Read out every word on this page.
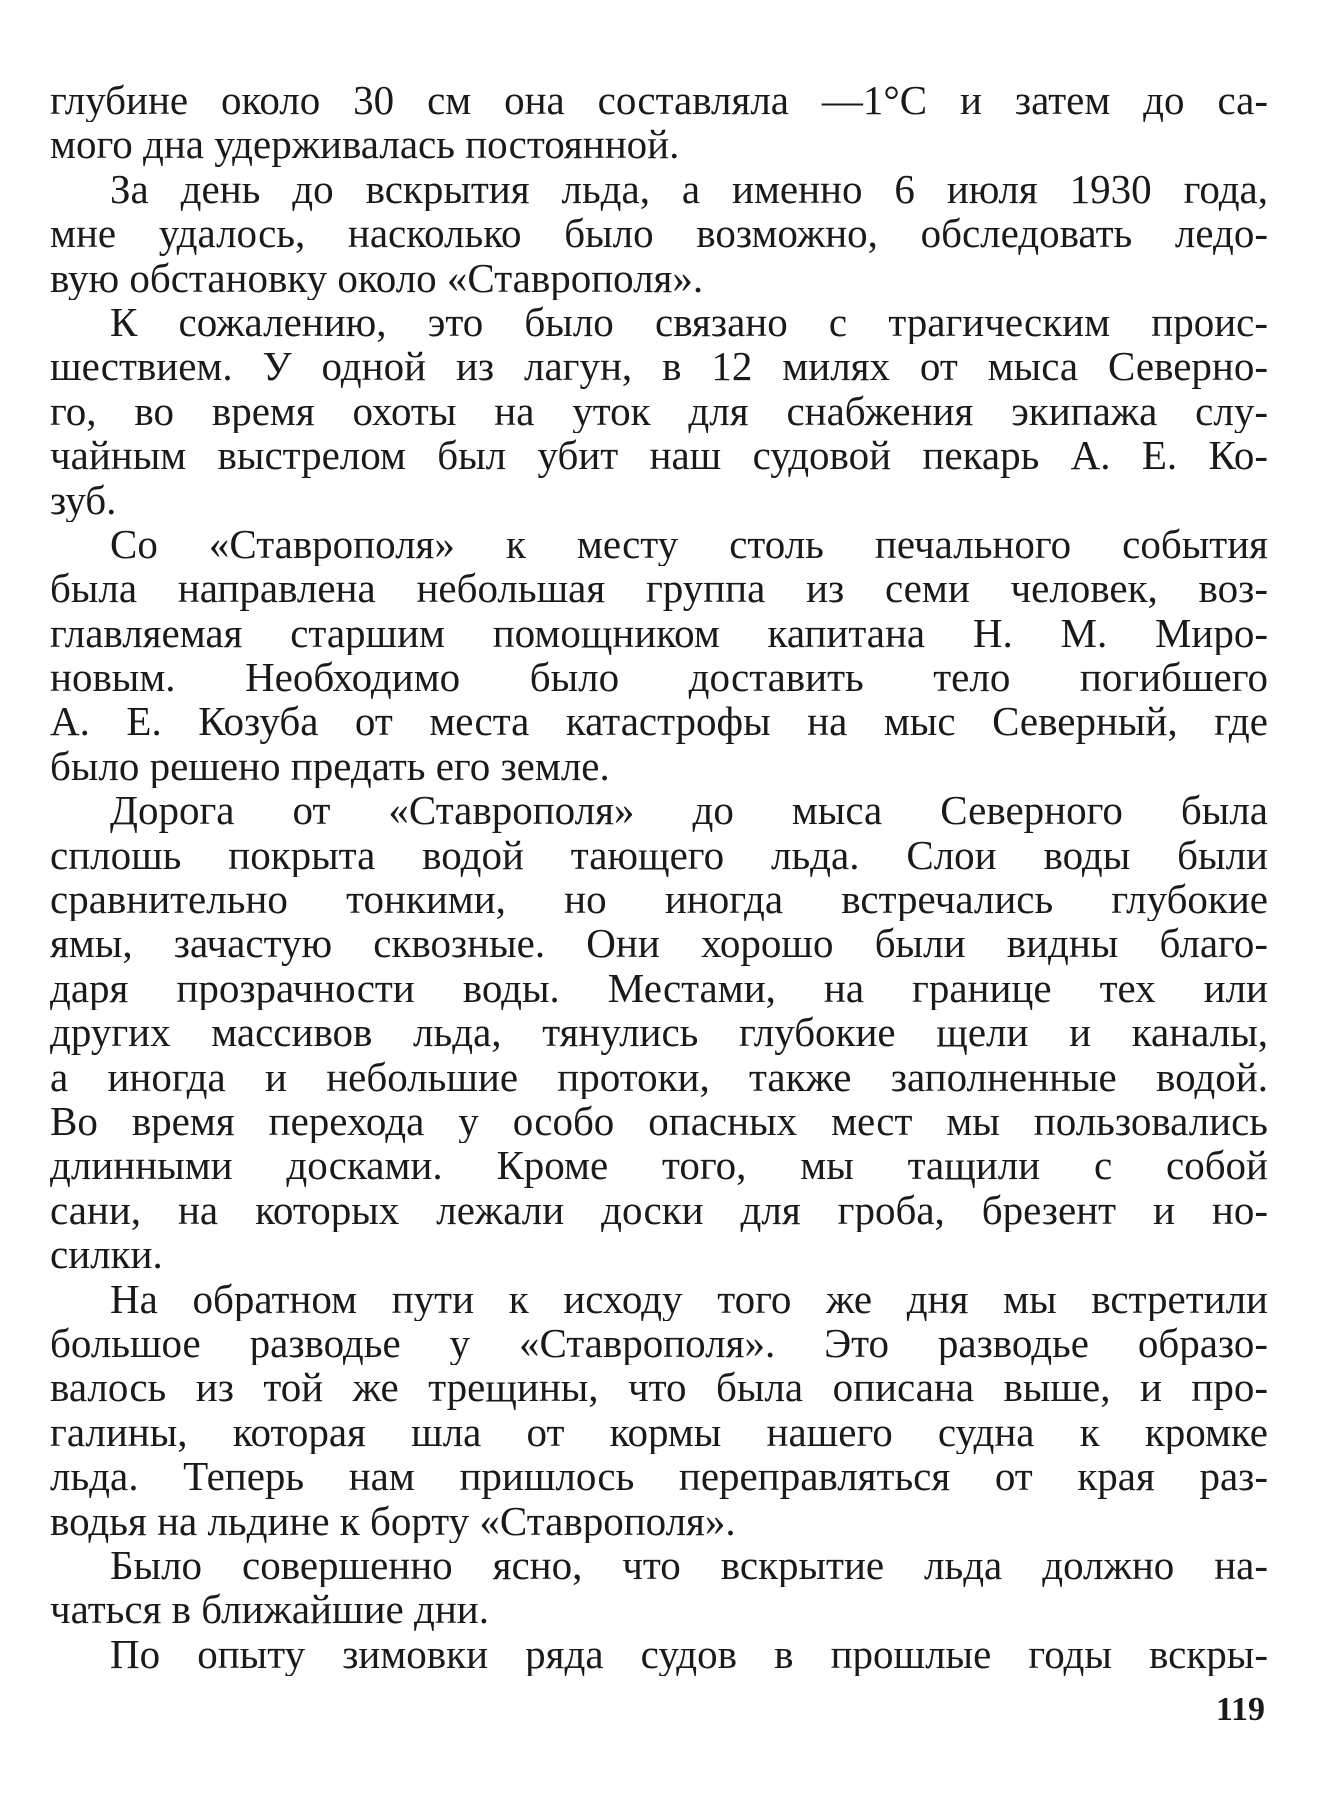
глубине около 30 см она составляла —1°C и затем до са-
мого дна удерживалась постоянной.
За день до вскрытия льда, а именно 6 июля 1930 года,
мне удалось, насколько было возможно, обследовать ледо-
вую обстановку около «Ставрополя».
К сожалению, это было связано с трагическим проис-
шествием. У одной из лагун, в 12 милях от мыса Северно-
го, во время охоты на уток для снабжения экипажа слу-
чайным выстрелом был убит наш судовой пекарь А. Е. Ко-
зуб.
Со «Ставрополя» к месту столь печального события
была направлена небольшая группа из семи человек, воз-
главляемая старшим помощником капитана Н. М. Миро-
новым. Необходимо было доставить тело погибшего
А. Е. Козуба от места катастрофы на мыс Северный, где
было решено предать его земле.
Дорога от «Ставрополя» до мыса Северного была
сплошь покрыта водой тающего льда. Слои воды были
сравнительно тонкими, но иногда встречались глубокие
ямы, зачастую сквозные. Они хорошо были видны благо-
даря прозрачности воды. Местами, на границе тех или
других массивов льда, тянулись глубокие щели и каналы,
а иногда и небольшие протоки, также заполненные водой.
Во время перехода у особо опасных мест мы пользовались
длинными досками. Кроме того, мы тащили с собой
сани, на которых лежали доски для гроба, брезент и но-
силки.
На обратном пути к исходу того же дня мы встретили
большое разводье у «Ставрополя». Это разводье образо-
валось из той же трещины, что была описана выше, и про-
галины, которая шла от кормы нашего судна к кромке
льда. Теперь нам пришлось переправляться от края раз-
водья на льдине к борту «Ставрополя».
Было совершенно ясно, что вскрытие льда должно на-
чаться в ближайшие дни.
По опыту зимовки ряда судов в прошлые годы вскры-
119
